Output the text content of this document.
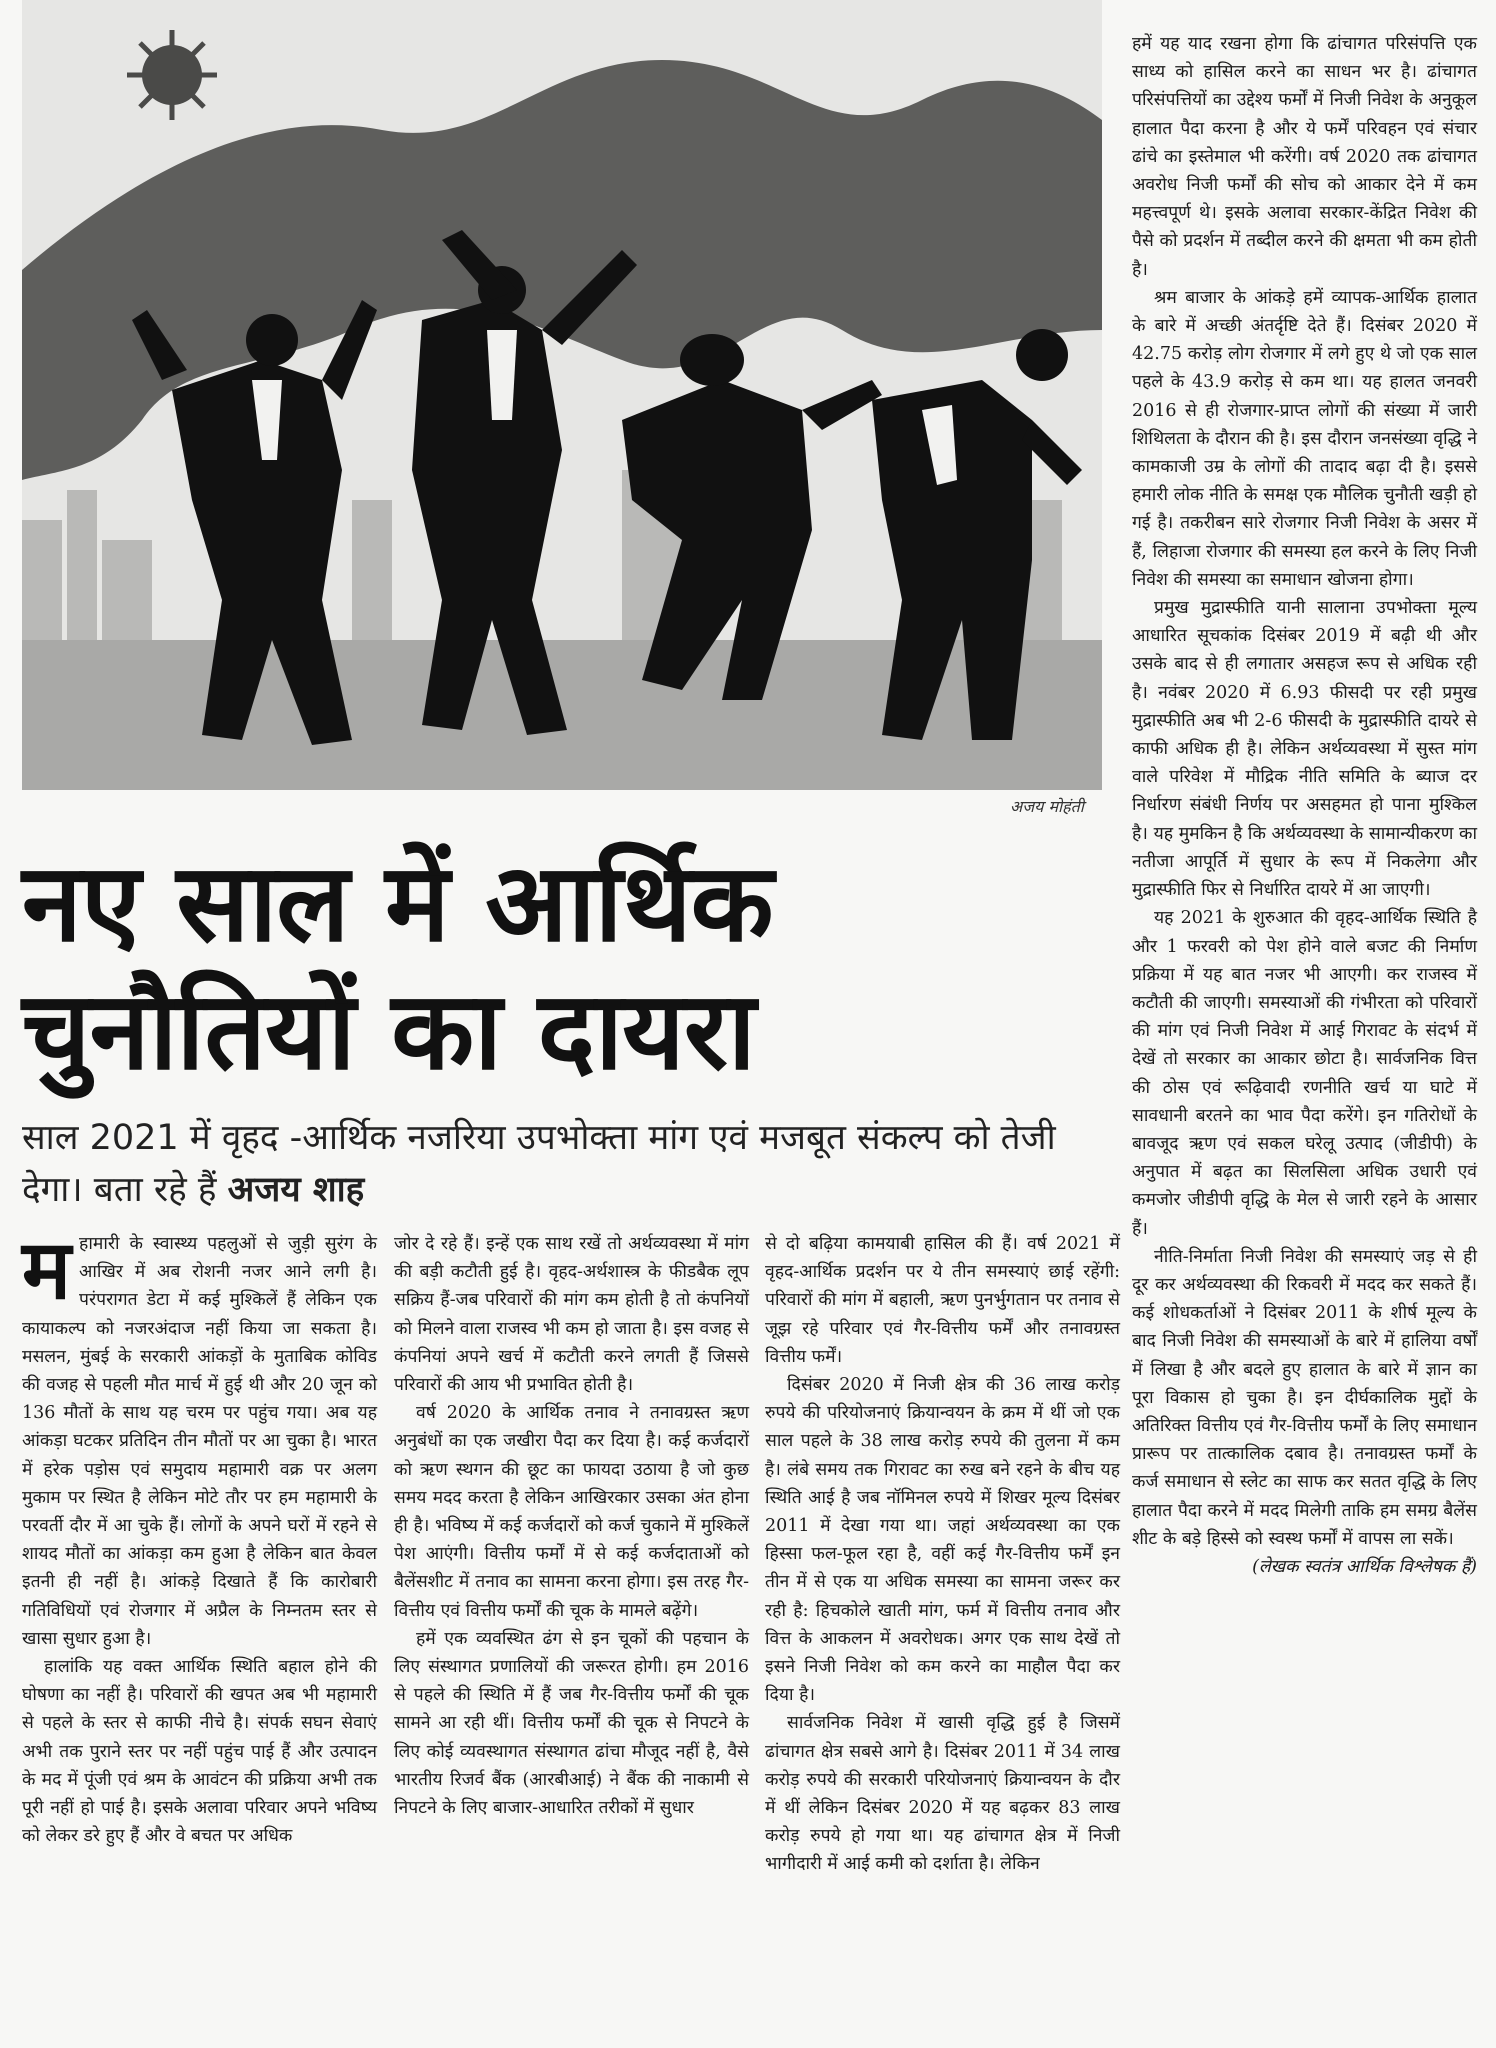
अजय मोहंती
नए साल में आर्थिक
चुनौतियों का दायरा
साल 2021 में वृहद -आर्थिक नजरिया उपभोक्ता मांग एवं मजबूत संकल्प को तेजी देगा। बता रहे हैं अजय शाह

महामारी के स्वास्थ्य पहलुओं से जुड़ी सुरंग के आखिर में अब रोशनी नजर आने लगी है। परंपरागत डेटा में कई मुश्किलें हैं लेकिन एक कायाकल्प को नजरअंदाज नहीं किया जा सकता है। मसलन, मुंबई के सरकारी आंकड़ों के मुताबिक कोविड की वजह से पहली मौत मार्च में हुई थी और 20 जून को 136 मौतों के साथ यह चरम पर पहुंच गया। अब यह आंकड़ा घटकर प्रतिदिन तीन मौतों पर आ चुका है। भारत में हरेक पड़ोस एवं समुदाय महामारी वक्र पर अलग मुकाम पर स्थित है लेकिन मोटे तौर पर हम महामारी के परवर्ती दौर में आ चुके हैं। लोगों के अपने घरों में रहने से शायद मौतों का आंकड़ा कम हुआ है लेकिन बात केवल इतनी ही नहीं है। आंकड़े दिखाते हैं कि कारोबारी गतिविधियों एवं रोजगार में अप्रैल के निम्नतम स्तर से खासा सुधार हुआ है।

हालांकि यह वक्त आर्थिक स्थिति बहाल होने की घोषणा का नहीं है। परिवारों की खपत अब भी महामारी से पहले के स्तर से काफी नीचे है। संपर्क सघन सेवाएं अभी तक पुराने स्तर पर नहीं पहुंच पाई हैं और उत्पादन के मद में पूंजी एवं श्रम के आवंटन की प्रक्रिया अभी तक पूरी नहीं हो पाई है। इसके अलावा परिवार अपने भविष्य को लेकर डरे हुए हैं और वे बचत पर अधिक

जोर दे रहे हैं। इन्हें एक साथ रखें तो अर्थव्यवस्था में मांग की बड़ी कटौती हुई है। वृहद-अर्थशास्त्र के फीडबैक लूप सक्रिय हैं-जब परिवारों की मांग कम होती है तो कंपनियों को मिलने वाला राजस्व भी कम हो जाता है। इस वजह से कंपनियां अपने खर्च में कटौती करने लगती हैं जिससे परिवारों की आय भी प्रभावित होती है।

वर्ष 2020 के आर्थिक तनाव ने तनावग्रस्त ऋण अनुबंधों का एक जखीरा पैदा कर दिया है। कई कर्जदारों को ऋण स्थगन की छूट का फायदा उठाया है जो कुछ समय मदद करता है लेकिन आखिरकार उसका अंत होना ही है। भविष्य में कई कर्जदारों को कर्ज चुकाने में मुश्किलें पेश आएंगी। वित्तीय फर्मों में से कई कर्जदाताओं को बैलेंसशीट में तनाव का सामना करना होगा। इस तरह गैर-वित्तीय एवं वित्तीय फर्मों की चूक के मामले बढ़ेंगे।

हमें एक व्यवस्थित ढंग से इन चूकों की पहचान के लिए संस्थागत प्रणालियों की जरूरत होगी। हम 2016 से पहले की स्थिति में हैं जब गैर-वित्तीय फर्मों की चूक सामने आ रही थीं। वित्तीय फर्मों की चूक से निपटने के लिए कोई व्यवस्थागत संस्थागत ढांचा मौजूद नहीं है, वैसे भारतीय रिजर्व बैंक (आरबीआई) ने बैंक की नाकामी से निपटने के लिए बाजार-आधारित तरीकों में सुधार

से दो बढ़िया कामयाबी हासिल की हैं। वर्ष 2021 में वृहद-आर्थिक प्रदर्शन पर ये तीन समस्याएं छाई रहेंगी: परिवारों की मांग में बहाली, ऋण पुनर्भुगतान पर तनाव से जूझ रहे परिवार एवं गैर-वित्तीय फर्में और तनावग्रस्त वित्तीय फर्में।

दिसंबर 2020 में निजी क्षेत्र की 36 लाख करोड़ रुपये की परियोजनाएं क्रियान्वयन के क्रम में थीं जो एक साल पहले के 38 लाख करोड़ रुपये की तुलना में कम है। लंबे समय तक गिरावट का रुख बने रहने के बीच यह स्थिति आई है जब नॉमिनल रुपये में शिखर मूल्य दिसंबर 2011 में देखा गया था। जहां अर्थव्यवस्था का एक हिस्सा फल-फूल रहा है, वहीं कई गैर-वित्तीय फर्में इन तीन में से एक या अधिक समस्या का सामना जरूर कर रही है: हिचकोले खाती मांग, फर्म में वित्तीय तनाव और वित्त के आकलन में अवरोधक। अगर एक साथ देखें तो इसने निजी निवेश को कम करने का माहौल पैदा कर दिया है।

सार्वजनिक निवेश में खासी वृद्धि हुई है जिसमें ढांचागत क्षेत्र सबसे आगे है। दिसंबर 2011 में 34 लाख करोड़ रुपये की सरकारी परियोजनाएं क्रियान्वयन के दौर में थीं लेकिन दिसंबर 2020 में यह बढ़कर 83 लाख करोड़ रुपये हो गया था। यह ढांचागत क्षेत्र में निजी भागीदारी में आई कमी को दर्शाता है। लेकिन

हमें यह याद रखना होगा कि ढांचागत परिसंपत्ति एक साध्य को हासिल करने का साधन भर है। ढांचागत परिसंपत्तियों का उद्देश्य फर्मों में निजी निवेश के अनुकूल हालात पैदा करना है और ये फर्में परिवहन एवं संचार ढांचे का इस्तेमाल भी करेंगी। वर्ष 2020 तक ढांचागत अवरोध निजी फर्मों की सोच को आकार देने में कम महत्त्वपूर्ण थे। इसके अलावा सरकार-केंद्रित निवेश की पैसे को प्रदर्शन में तब्दील करने की क्षमता भी कम होती है।

श्रम बाजार के आंकड़े हमें व्यापक-आर्थिक हालात के बारे में अच्छी अंतर्दृष्टि देते हैं। दिसंबर 2020 में 42.75 करोड़ लोग रोजगार में लगे हुए थे जो एक साल पहले के 43.9 करोड़ से कम था। यह हालत जनवरी 2016 से ही रोजगार-प्राप्त लोगों की संख्या में जारी शिथिलता के दौरान की है। इस दौरान जनसंख्या वृद्धि ने कामकाजी उम्र के लोगों की तादाद बढ़ा दी है। इससे हमारी लोक नीति के समक्ष एक मौलिक चुनौती खड़ी हो गई है। तकरीबन सारे रोजगार निजी निवेश के असर में हैं, लिहाजा रोजगार की समस्या हल करने के लिए निजी निवेश की समस्या का समाधान खोजना होगा।

प्रमुख मुद्रास्फीति यानी सालाना उपभोक्ता मूल्य आधारित सूचकांक दिसंबर 2019 में बढ़ी थी और उसके बाद से ही लगातार असहज रूप से अधिक रही है। नवंबर 2020 में 6.93 फीसदी पर रही प्रमुख मुद्रास्फीति अब भी 2-6 फीसदी के मुद्रास्फीति दायरे से काफी अधिक ही है। लेकिन अर्थव्यवस्था में सुस्त मांग वाले परिवेश में मौद्रिक नीति समिति के ब्याज दर निर्धारण संबंधी निर्णय पर असहमत हो पाना मुश्किल है। यह मुमकिन है कि अर्थव्यवस्था के सामान्यीकरण का नतीजा आपूर्ति में सुधार के रूप में निकलेगा और मुद्रास्फीति फिर से निर्धारित दायरे में आ जाएगी।

यह 2021 के शुरुआत की वृहद-आर्थिक स्थिति है और 1 फरवरी को पेश होने वाले बजट की निर्माण प्रक्रिया में यह बात नजर भी आएगी। कर राजस्व में कटौती की जाएगी। समस्याओं की गंभीरता को परिवारों की मांग एवं निजी निवेश में आई गिरावट के संदर्भ में देखें तो सरकार का आकार छोटा है। सार्वजनिक वित्त की ठोस एवं रूढ़िवादी रणनीति खर्च या घाटे में सावधानी बरतने का भाव पैदा करेंगे। इन गतिरोधों के बावजूद ऋण एवं सकल घरेलू उत्पाद (जीडीपी) के अनुपात में बढ़त का सिलसिला अधिक उधारी एवं कमजोर जीडीपी वृद्धि के मेल से जारी रहने के आसार हैं।

नीति-निर्माता निजी निवेश की समस्याएं जड़ से ही दूर कर अर्थव्यवस्था की रिकवरी में मदद कर सकते हैं। कई शोधकर्ताओं ने दिसंबर 2011 के शीर्ष मूल्य के बाद निजी निवेश की समस्याओं के बारे में हालिया वर्षों में लिखा है और बदले हुए हालात के बारे में ज्ञान का पूरा विकास हो चुका है। इन दीर्घकालिक मुद्दों के अतिरिक्त वित्तीय एवं गैर-वित्तीय फर्मों के लिए समाधान प्रारूप पर तात्कालिक दबाव है। तनावग्रस्त फर्मों के कर्ज समाधान से स्लेट का साफ कर सतत वृद्धि के लिए हालात पैदा करने में मदद मिलेगी ताकि हम समग्र बैलेंस शीट के बड़े हिस्से को स्वस्थ फर्मों में वापस ला सकें।

(लेखक स्वतंत्र आर्थिक विश्लेषक हैं)
